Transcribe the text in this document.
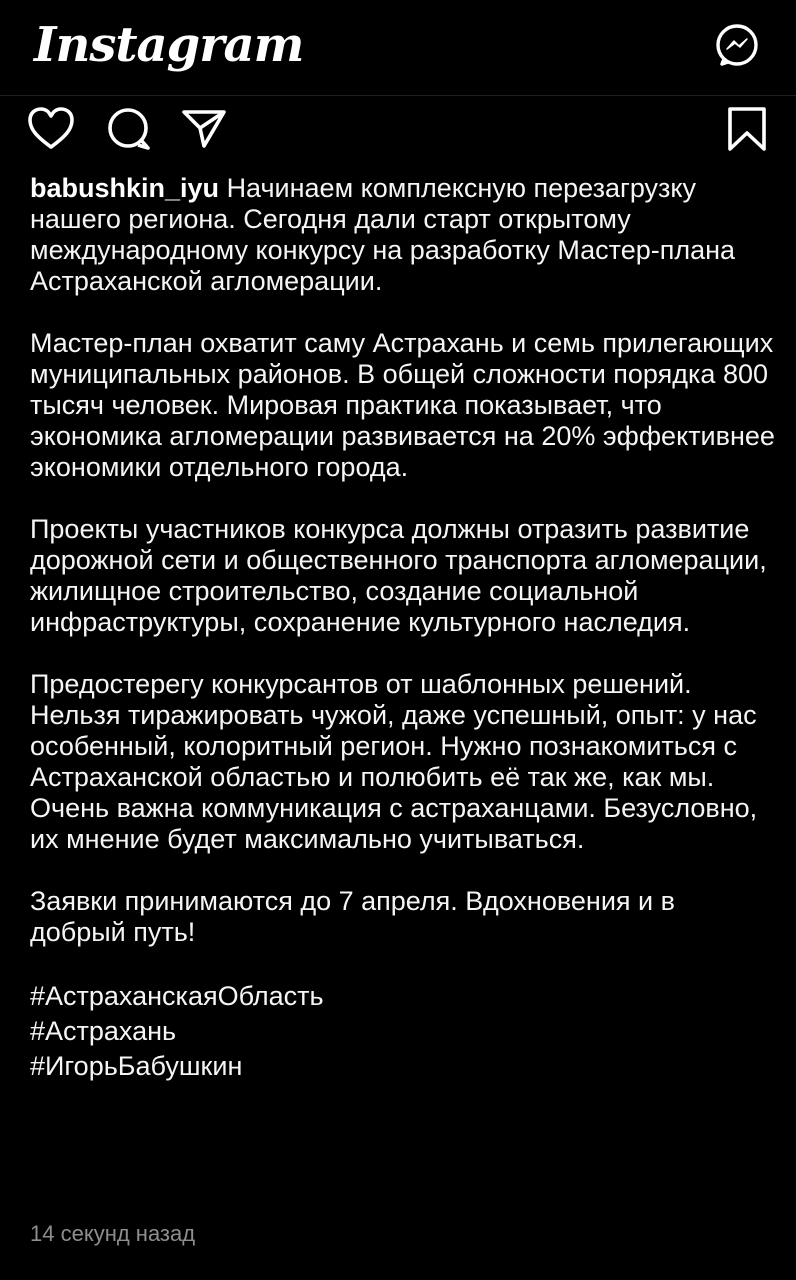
Instagram

babushkin_iyu Начинаем комплексную перезагрузку нашего региона. Сегодня дали старт открытому международному конкурсу на разработку Мастер-плана Астраханской агломерации.

Мастер-план охватит саму Астрахань и семь прилегающих муниципальных районов. В общей сложности порядка 800 тысяч человек. Мировая практика показывает, что экономика агломерации развивается на 20% эффективнее экономики отдельного города.

Проекты участников конкурса должны отразить развитие дорожной сети и общественного транспорта агломерации, жилищное строительство, создание социальной инфраструктуры, сохранение культурного наследия.

Предостерегу конкурсантов от шаблонных решений. Нельзя тиражировать чужой, даже успешный, опыт: у нас особенный, колоритный регион. Нужно познакомиться с Астраханской областью и полюбить её так же, как мы. Очень важна коммуникация с астраханцами. Безусловно, их мнение будет максимально учитываться.

Заявки принимаются до 7 апреля. Вдохновения и в добрый путь!

#АстраханскаяОбласть
#Астрахань
#ИгорьБабушкин
14 секунд назад
